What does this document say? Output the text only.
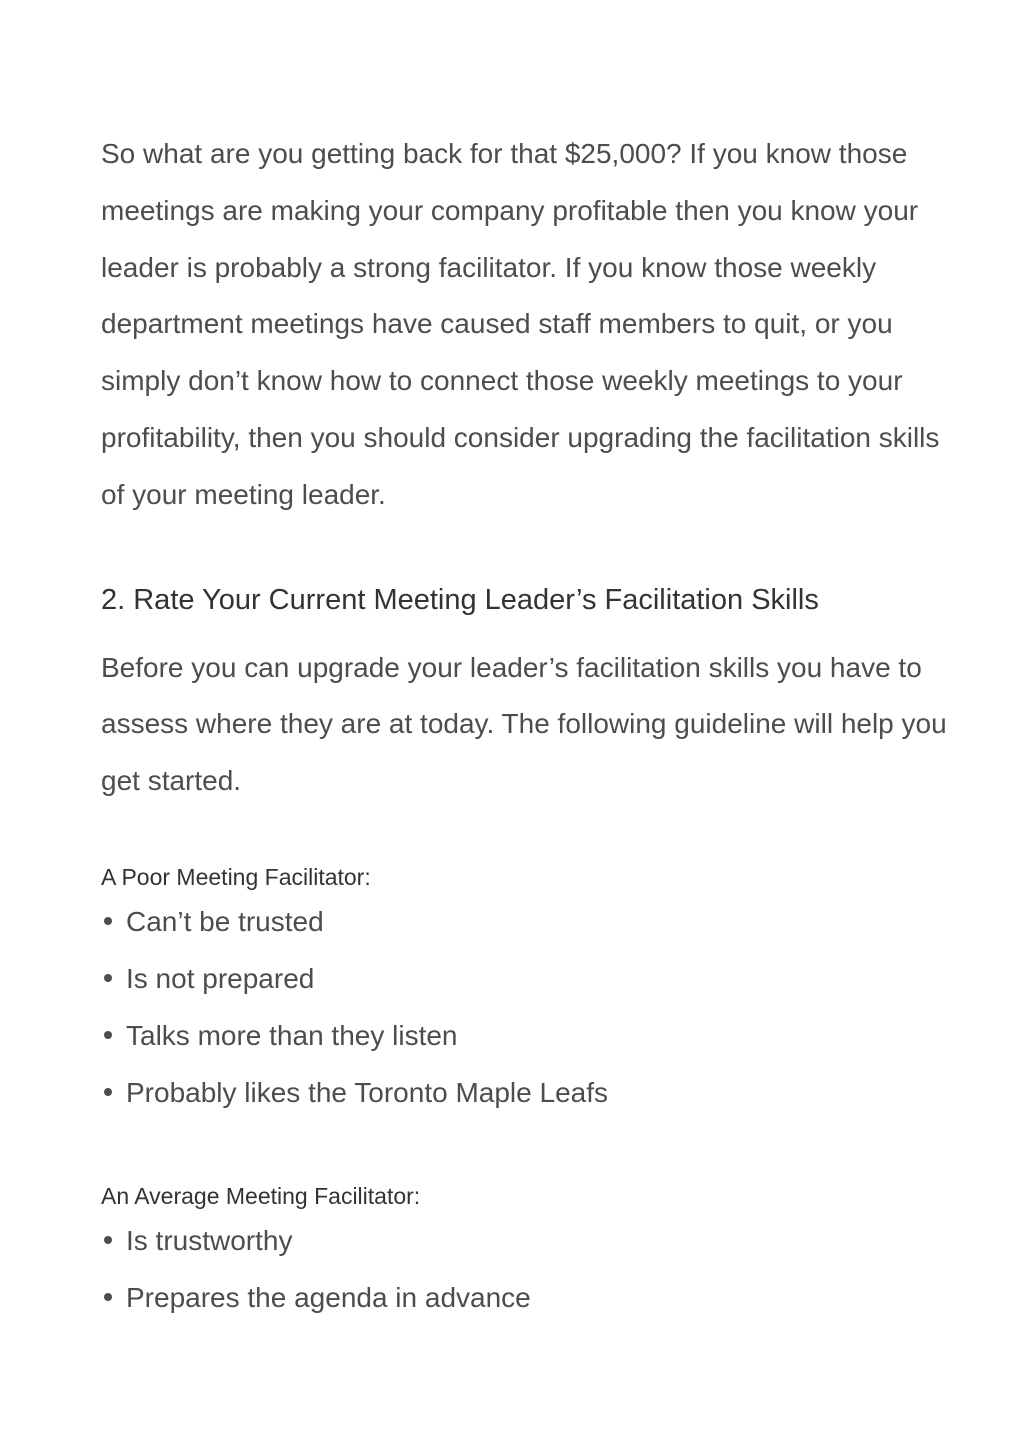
So what are you getting back for that $25,000? If you know those meetings are making your company profitable then you know your leader is probably a strong facilitator. If you know those weekly department meetings have caused staff members to quit, or you simply don’t know how to connect those weekly meetings to your profitability, then you should consider upgrading the facilitation skills of your meeting leader.

2. Rate Your Current Meeting Leader’s Facilitation Skills

Before you can upgrade your leader’s facilitation skills you have to assess where they are at today. The following guideline will help you get started.

A Poor Meeting Facilitator:

Can’t be trusted
Is not prepared
Talks more than they listen
Probably likes the Toronto Maple Leafs

An Average Meeting Facilitator:

Is trustworthy
Prepares the agenda in advance
